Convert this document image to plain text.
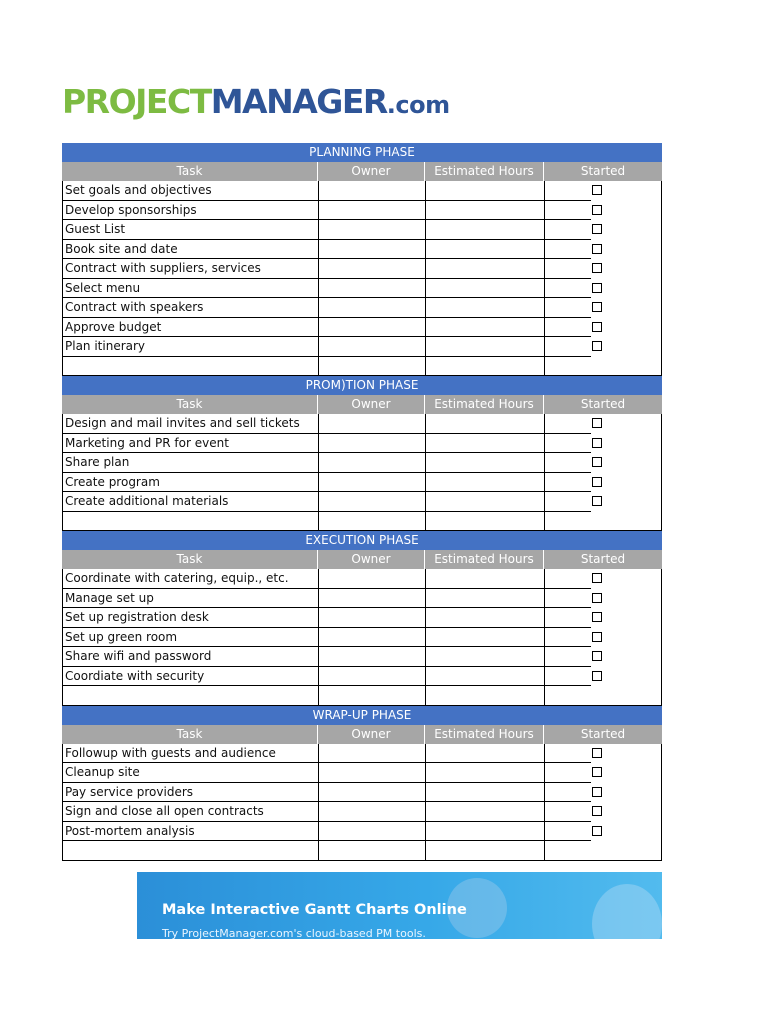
PROJECTMANAGER.com
PLANNING PHASE
Task	Owner	Estimated Hours	Started
Set goals and objectives
Develop sponsorships
Guest List
Book site and date
Contract with suppliers, services
Select menu
Contract with speakers
Approve budget
Plan itinerary
PROM)TION PHASE
Task	Owner	Estimated Hours	Started
Design and mail invites and sell tickets
Marketing and PR for event
Share plan
Create program
Create additional materials
EXECUTION PHASE
Task	Owner	Estimated Hours	Started
Coordinate with catering, equip., etc.
Manage set up
Set up registration desk
Set up green room
Share wifi and password
Coordiate with security
WRAP-UP PHASE
Task	Owner	Estimated Hours	Started
Followup with guests and audience
Cleanup site
Pay service providers
Sign and close all open contracts
Post-mortem analysis
Make Interactive Gantt Charts Online
Try ProjectManager.com's cloud-based PM tools.
